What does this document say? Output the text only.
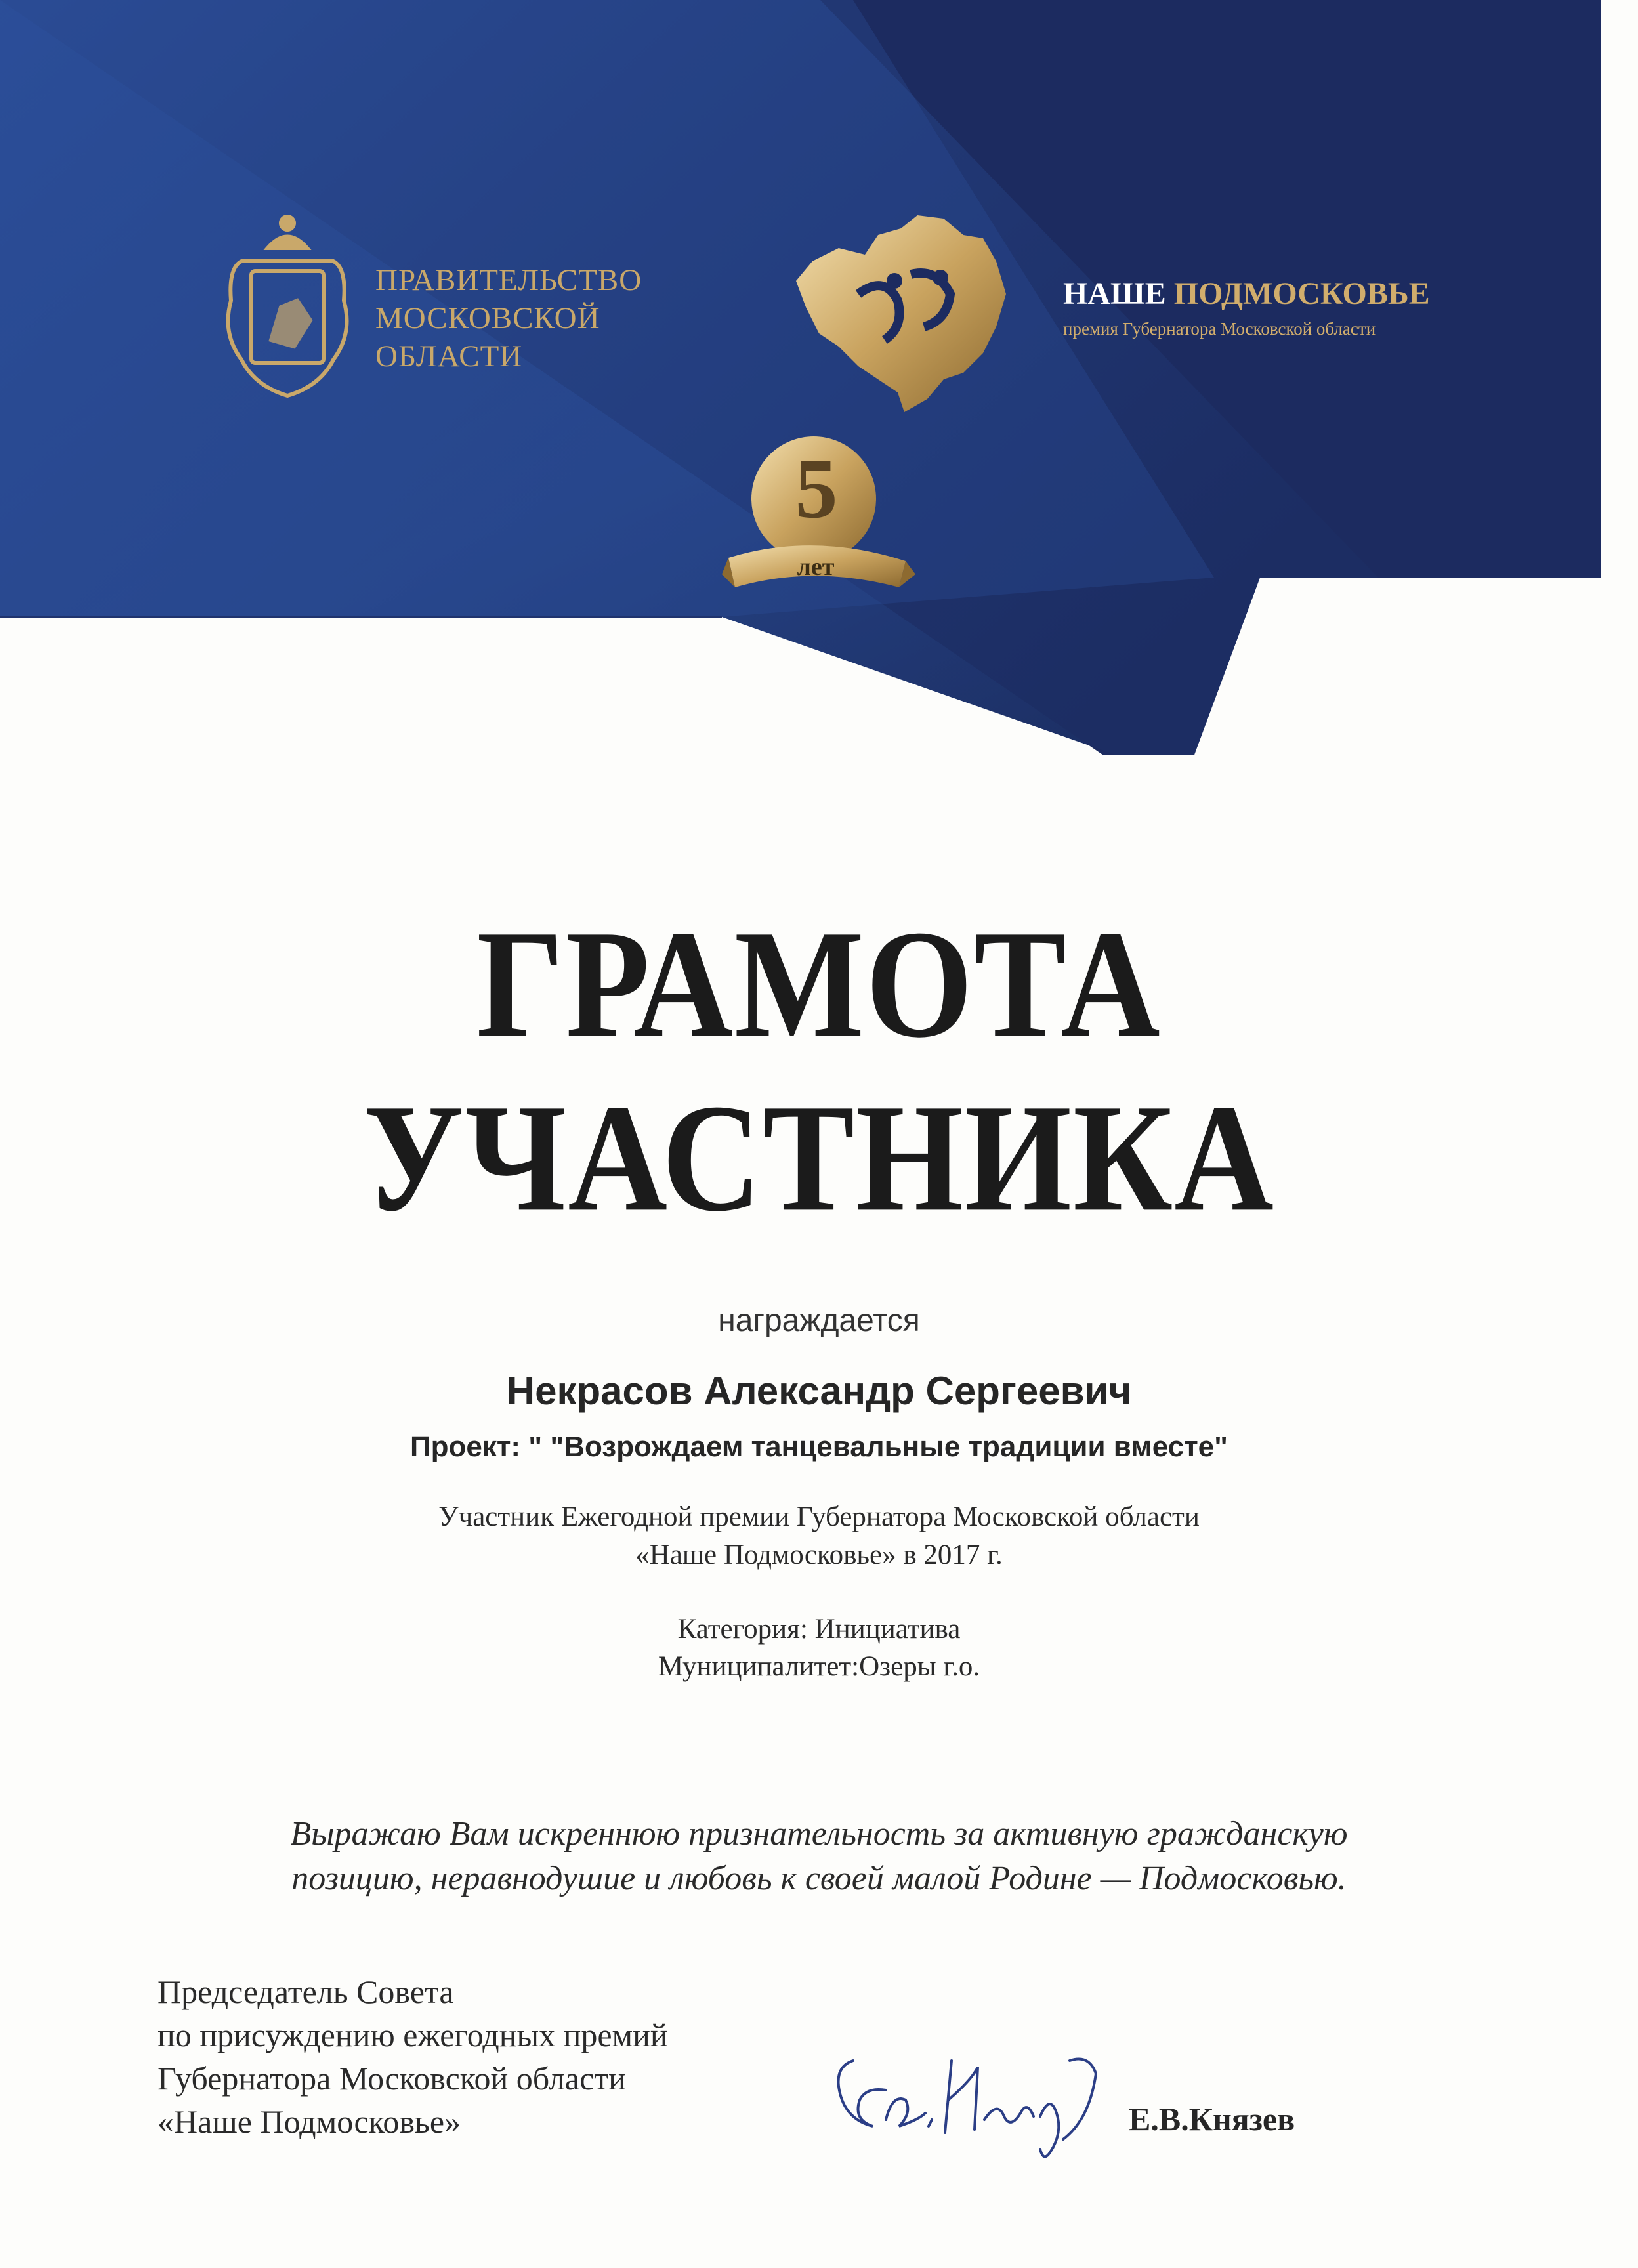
ПРАВИТЕЛЬСТВО
МОСКОВСКОЙ
ОБЛАСТИ
НАШЕ ПОДМОСКОВЬЕ
премия Губернатора Московской области
5
лет
ГРАМОТА
УЧАСТНИКА
награждается
Некрасов Александр Сергеевич
Проект: " "Возрождаем танцевальные традиции вместе"
Участник Ежегодной премии Губернатора Московской области
«Наше Подмосковье» в 2017 г.
Категория: Инициатива
Муниципалитет:Озеры г.о.
Выражаю Вам искреннюю признательность за активную гражданскую
позицию, неравнодушие и любовь к своей малой Родине — Подмосковью.
Председатель Совета
по присуждению ежегодных премий
Губернатора Московской области
«Наше Подмосковье»	Е.В.Князев
